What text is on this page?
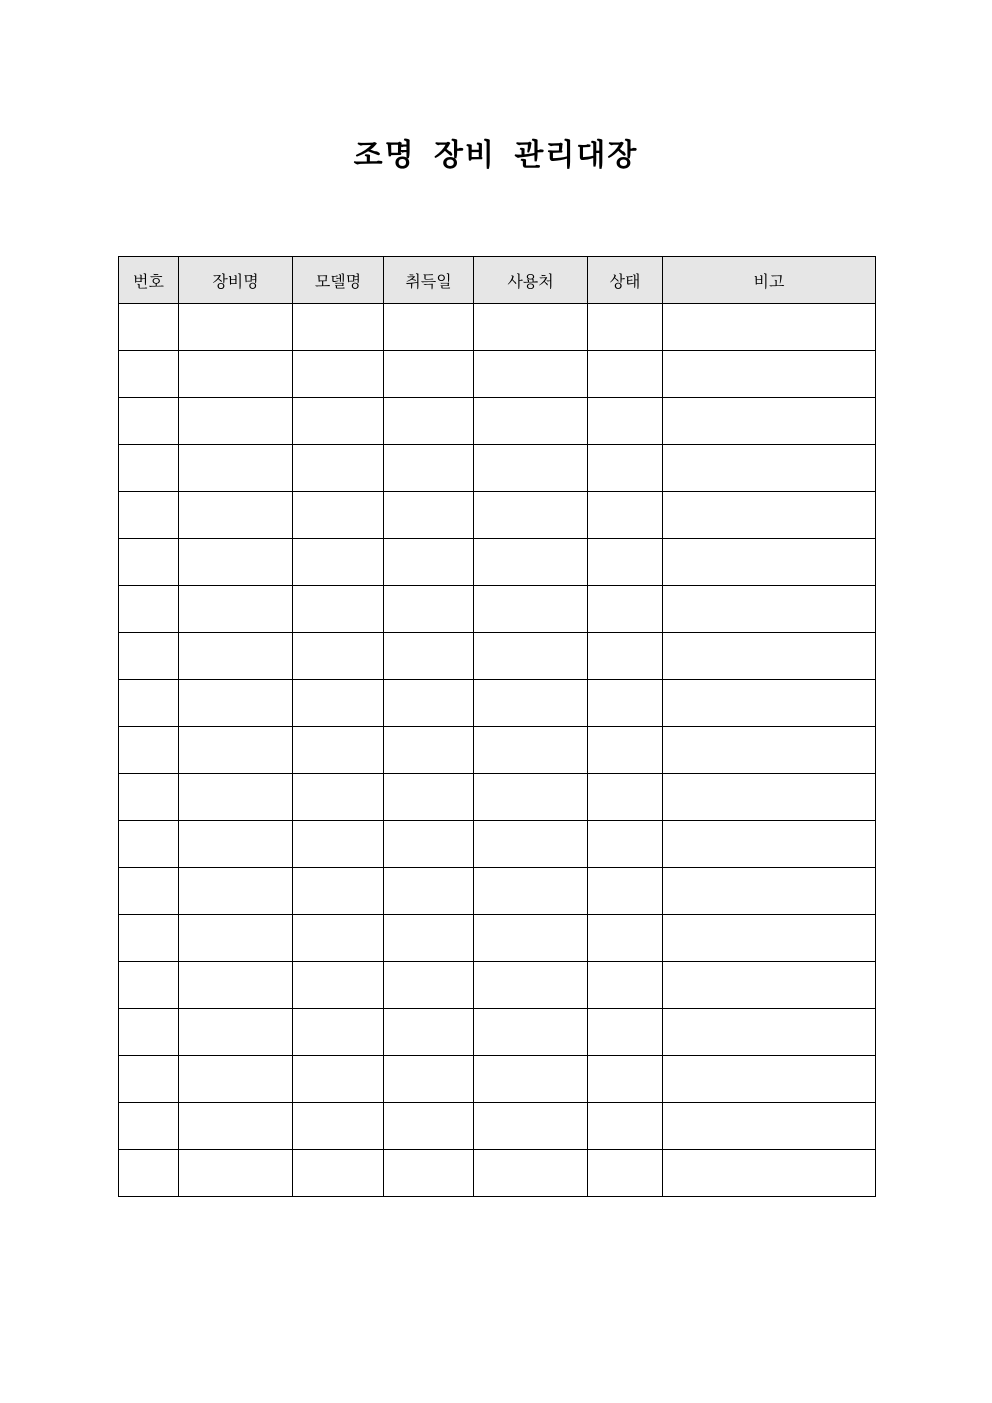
조명 장비 관리대장
번호	장비명	모델명	취득일	사용처	상태	비고
